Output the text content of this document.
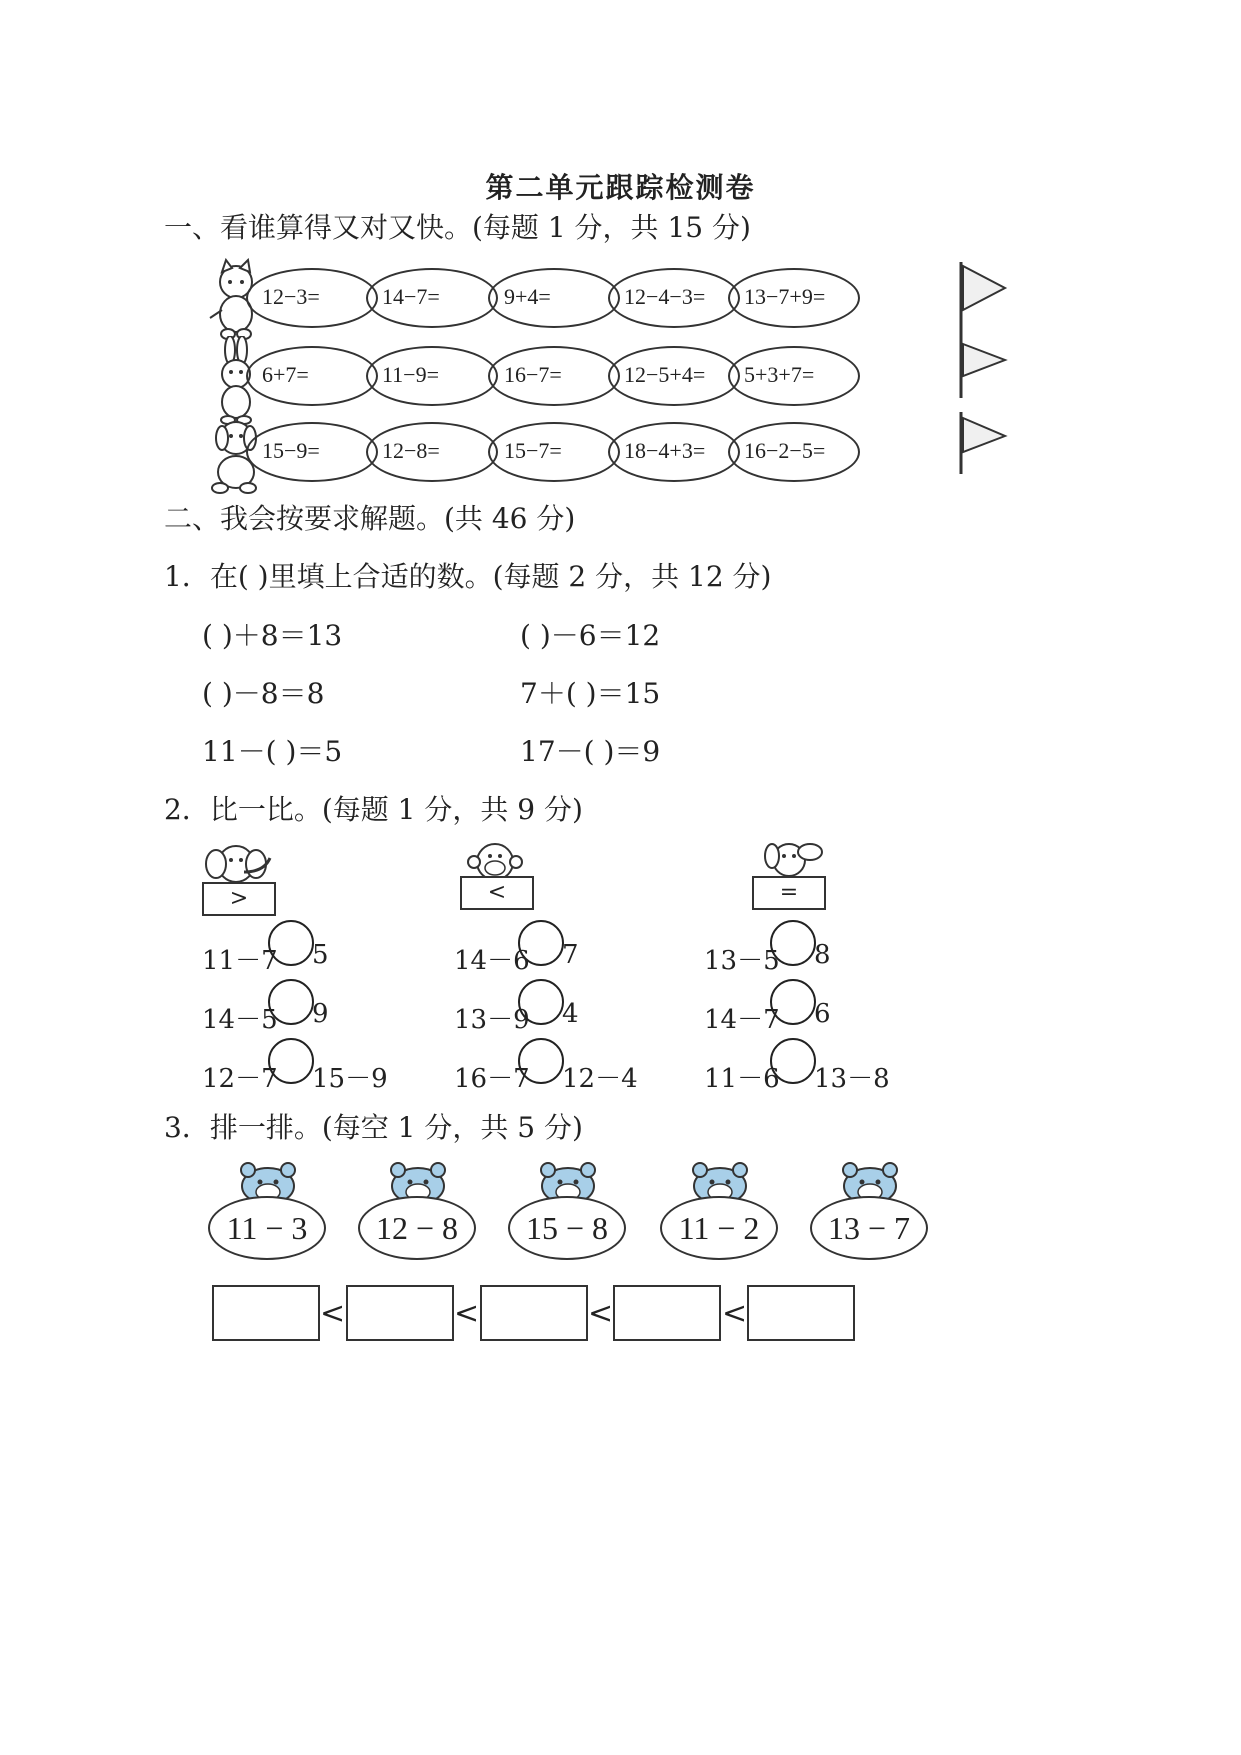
第二单元跟踪检测卷
一、看谁算得又对又快。(每题 1 分，共 15 分)
12−3=	14−7=	9+4=	12−4−3= 13−7+9=
6+7=	11−9=	16−7=	12−5+4= 5+3+7=
15−9=	12−8=	15−7=	18−4+3= 16−2−5=
二、我会按要求解题。(共 46 分)
1．在( )里填上合适的数。(每题 2 分，共 12 分)
( )＋8＝13	( )－6＝12
( )－8＝8	7＋( )＝15
11－( )＝5	17－( )＝9
2．比一比。(每题 1 分，共 9 分)
>	<	=
11－7 5
14－5 9
12－7 15－9
14－6 7
13－9 4
16－7 12－4
13－5 8
14－7 6
11－6 13－8
3．排一排。(每空 1 分，共 5 分)
11 − 3	12 − 8	15 − 8	11 − 2	13 − 7
<	<	<	<
